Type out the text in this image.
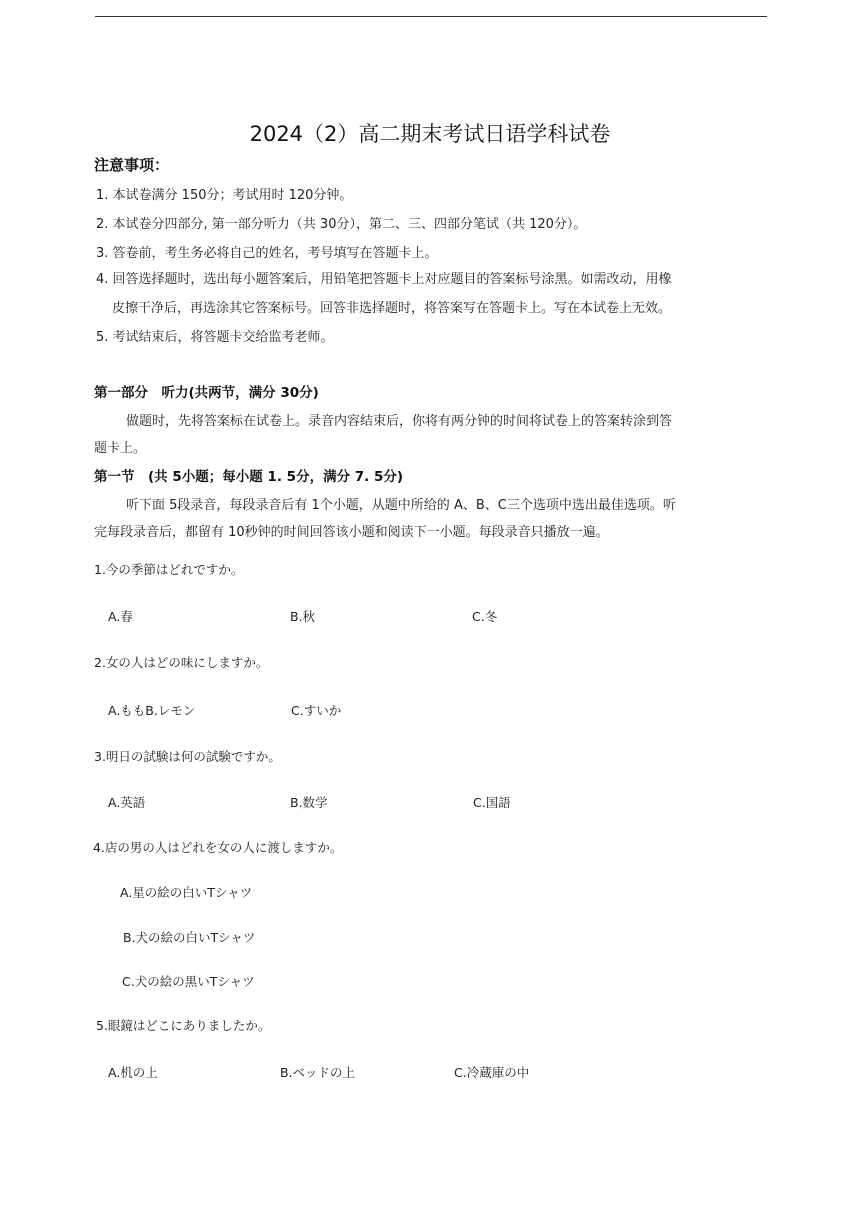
2024（2）高二期末考试日语学科试卷
注意事项：
1. 本试卷满分 150分；考试用时 120分钟。
2. 本试卷分四部分, 第一部分听力（共 30分），第二、三、四部分笔试（共 120分）。
3. 答卷前，考生务必将自己的姓名，考号填写在答题卡上。
4. 回答选择题时，选出每小题答案后，用铅笔把答题卡上对应题目的答案标号涂黑。如需改动，用橡
皮擦干净后，再选涂其它答案标号。回答非选择题时，将答案写在答题卡上。写在本试卷上无效。
5. 考试结束后，将答题卡交给监考老师。
第一部分　听力(共两节，满分 30分)
做题时，先将答案标在试卷上。录音内容结束后，你将有两分钟的时间将试卷上的答案转涂到答
题卡上。
第一节　(共 5小题；每小题 1. 5分，满分 7. 5分)
听下面 5段录音，每段录音后有 1个小题，从题中所给的 A、B、C三个选项中选出最佳选项。听
完每段录音后，都留有 10秒钟的时间回答该小题和阅读下一小题。每段录音只播放一遍。
1.今の季節はどれですか。
A.春	B.秋	C.冬
2.女の人はどの味にしますか。
A.ももB.レモン	C.すいか
3.明日の試験は何の試験ですか。
A.英語	B.数学	C.国語
4.店の男の人はどれを女の人に渡しますか。
A.星の絵の白いTシャツ
B.犬の絵の白いTシャツ
C.犬の絵の黒いTシャツ
5.眼鏡はどこにありましたか。
A.机の上	B.ベッドの上	C.冷蔵庫の中
